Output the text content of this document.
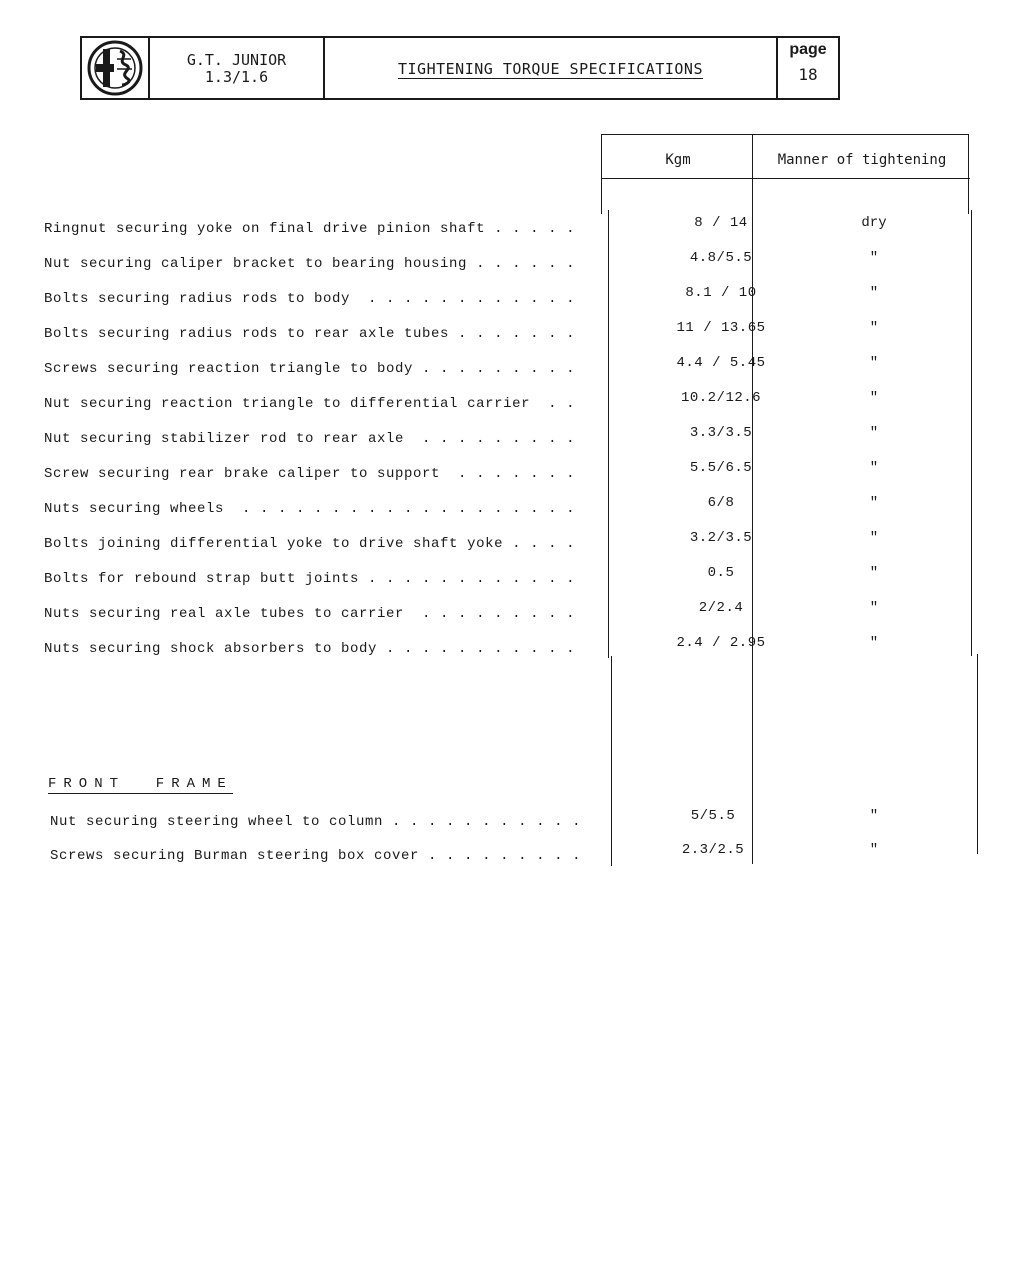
G.T. JUNIOR
1.3/1.6	TIGHTENING TORQUE SPECIFICATIONS
page
18
Kgm	Manner of tightening
Ringnut securing yoke on final drive pinion shaft . . . . .	8 / 14	dry
Nut securing caliper bracket to bearing housing . . . . . .	4.8/5.5	"
Bolts securing radius rods to body  . . . . . . . . . . . .	8.1 / 10	"
Bolts securing radius rods to rear axle tubes . . . . . . .	11 / 13.65	"
Screws securing reaction triangle to body . . . . . . . . .	4.4 / 5.45	"
Nut securing reaction triangle to differential carrier  . .	10.2/12.6	"
Nut securing stabilizer rod to rear axle  . . . . . . . . .	3.3/3.5	"
Screw securing rear brake caliper to support  . . . . . . .	5.5/6.5	"
Nuts securing wheels  . . . . . . . . . . . . . . . . . . .	6/8	"
Bolts joining differential yoke to drive shaft yoke . . . .	3.2/3.5	"
Bolts for rebound strap butt joints . . . . . . . . . . . .	0.5	"
Nuts securing real axle tubes to carrier  . . . . . . . . .	2/2.4	"
Nuts securing shock absorbers to body . . . . . . . . . . .	2.4 / 2.95	"
FRONT  FRAME
Nut securing steering wheel to column . . . . . . . . . . .	5/5.5	"
Screws securing Burman steering box cover . . . . . . . . .	2.3/2.5	"
